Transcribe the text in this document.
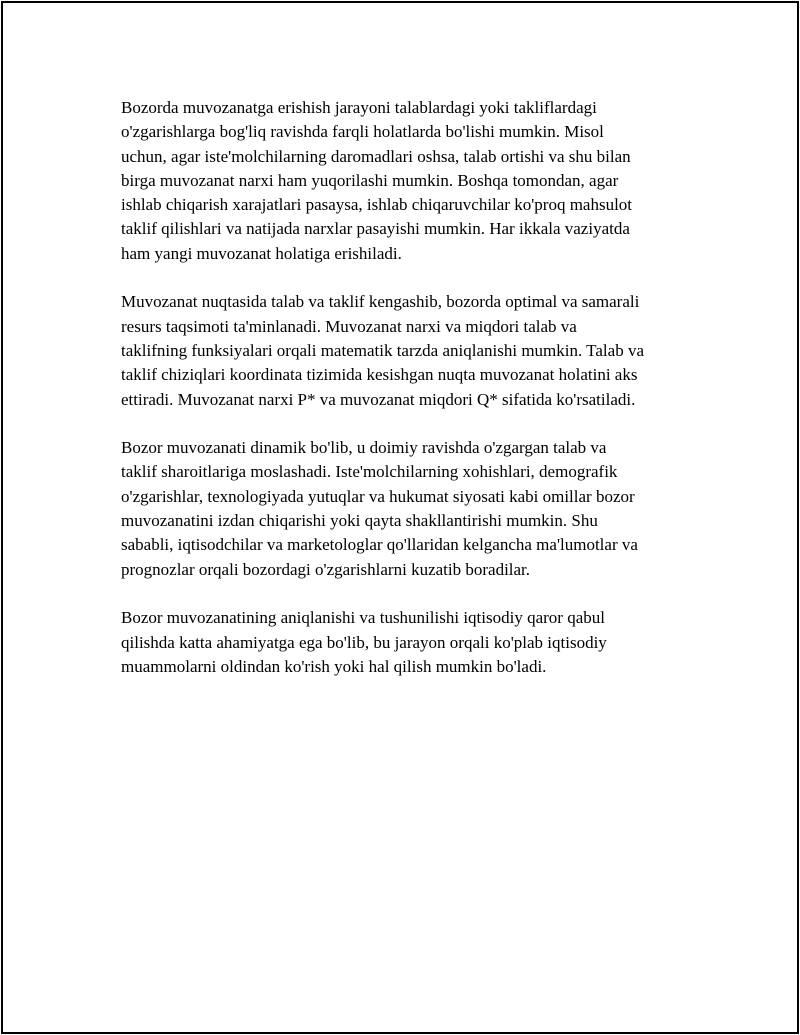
Bozorda muvozanatga erishish jarayoni talablardagi yoki takliflardagi
o'zgarishlarga bog'liq ravishda farqli holatlarda bo'lishi mumkin. Misol
uchun, agar iste'molchilarning daromadlari oshsa, talab ortishi va shu bilan
birga muvozanat narxi ham yuqorilashi mumkin. Boshqa tomondan, agar
ishlab chiqarish xarajatlari pasaysa, ishlab chiqaruvchilar ko'proq mahsulot
taklif qilishlari va natijada narxlar pasayishi mumkin. Har ikkala vaziyatda
ham yangi muvozanat holatiga erishiladi.

Muvozanat nuqtasida talab va taklif kengashib, bozorda optimal va samarali
resurs taqsimoti ta'minlanadi. Muvozanat narxi va miqdori talab va
taklifning funksiyalari orqali matematik tarzda aniqlanishi mumkin. Talab va
taklif chiziqlari koordinata tizimida kesishgan nuqta muvozanat holatini aks
ettiradi. Muvozanat narxi P* va muvozanat miqdori Q* sifatida ko'rsatiladi.

Bozor muvozanati dinamik bo'lib, u doimiy ravishda o'zgargan talab va
taklif sharoitlariga moslashadi. Iste'molchilarning xohishlari, demografik
o'zgarishlar, texnologiyada yutuqlar va hukumat siyosati kabi omillar bozor
muvozanatini izdan chiqarishi yoki qayta shakllantirishi mumkin. Shu
sababli, iqtisodchilar va marketologlar qo'llaridan kelgancha ma'lumotlar va
prognozlar orqali bozordagi o'zgarishlarni kuzatib boradilar.

Bozor muvozanatining aniqlanishi va tushunilishi iqtisodiy qaror qabul
qilishda katta ahamiyatga ega bo'lib, bu jarayon orqali ko'plab iqtisodiy
muammolarni oldindan ko'rish yoki hal qilish mumkin bo'ladi.
